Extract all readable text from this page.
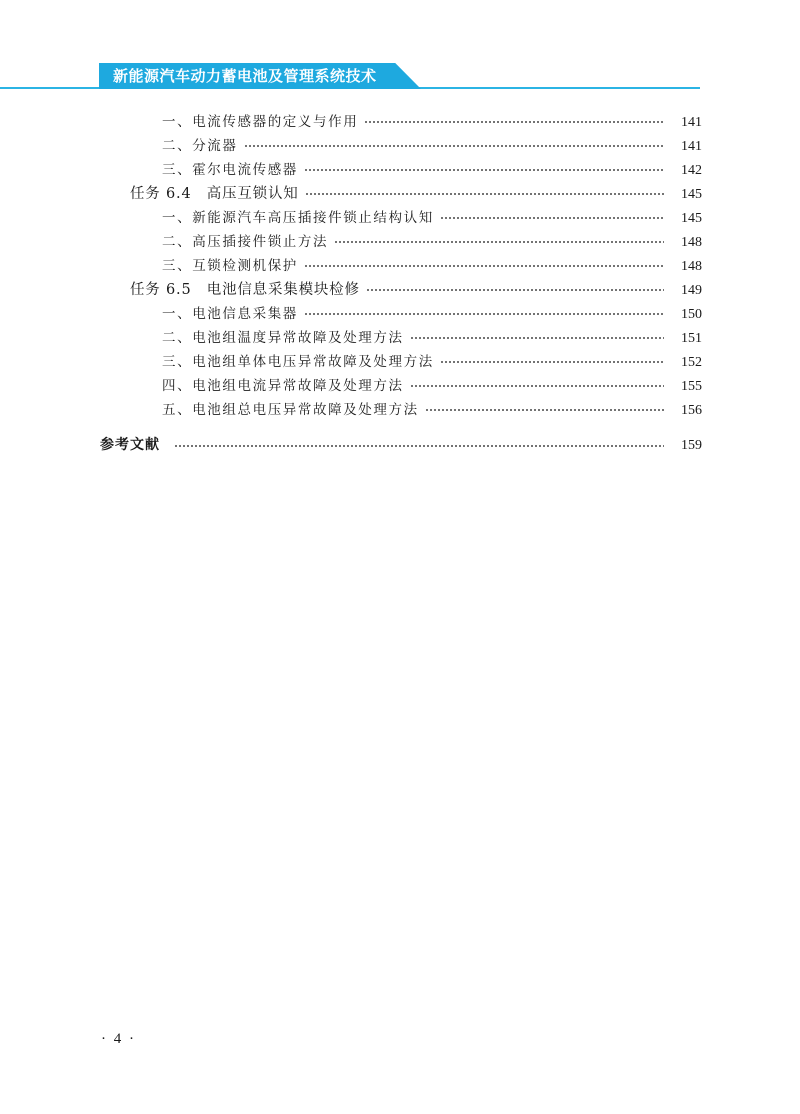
新能源汽车动力蓄电池及管理系统技术
一、电流传感器的定义与作用	141
二、分流器	141
三、霍尔电流传感器	142
任务 6.4　高压互锁认知	145
一、新能源汽车高压插接件锁止结构认知	145
二、高压插接件锁止方法	148
三、互锁检测机保护	148
任务 6.5　电池信息采集模块检修	149
一、电池信息采集器	150
二、电池组温度异常故障及处理方法	151
三、电池组单体电压异常故障及处理方法	152
四、电池组电流异常故障及处理方法	155
五、电池组总电压异常故障及处理方法	156
参考文献	159
· 4 ·
